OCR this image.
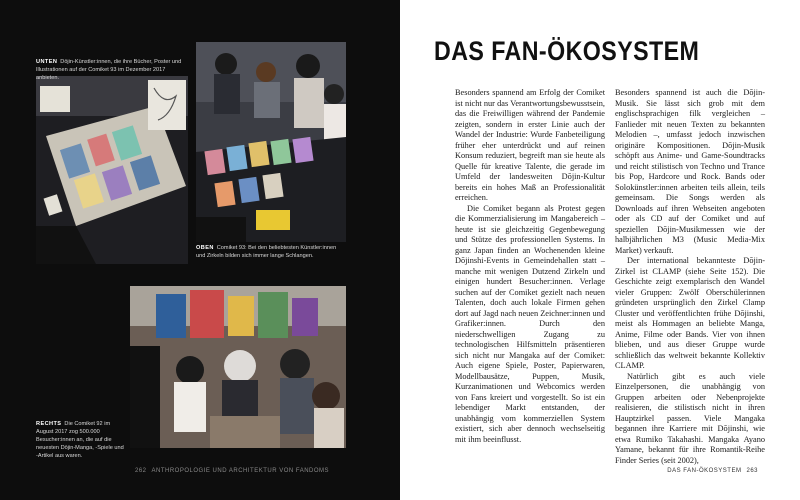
UNTEN Dōjin-Künstler:innen, die ihre Bücher, Poster und Illustrationen auf der Comiket 93 im Dezember 2017 anbieten.
OBEN Comiket 93: Bei den beliebtesten Künstler:innen und Zirkeln bilden sich immer lange Schlangen.
RECHTS Die Comiket 92 im August 2017 zog 500.000 Besucher:innen an, die auf die neuesten Dōjin-Manga, -Spiele und -Artikel aus waren.
262 ANTHROPOLOGIE UND ARCHITEKTUR VON FANDOMS
DAS FAN-ÖKOSYSTEM

Besonders spannend am Erfolg der Comiket ist nicht nur das Verantwortungsbewusstsein, das die Freiwilligen während der Pandemie zeigten, sondern in erster Linie auch der Wandel der Industrie: Wurde Fanbeteiligung früher eher unterdrückt und auf reinen Konsum reduziert, begreift man sie heute als Quelle für kreative Talente, die gerade im Umfeld der landesweiten Dōjin-Kultur bereits ein hohes Maß an Professionalität erreichen.

Die Comiket begann als Protest gegen die Kommerzialisierung im Mangabereich – heute ist sie gleichzeitig Gegenbewegung und Stütze des professionellen Systems. In ganz Japan finden an Wochenenden kleine Dōjinshi-Events in Gemeindehallen statt – manche mit wenigen Dutzend Zirkeln und einigen hundert Besucher:innen. Verlage suchen auf der Comiket gezielt nach neuen Talenten, doch auch lokale Firmen gehen dort auf Jagd nach neuen Zeichner:innen und Grafiker:innen. Durch den niederschwelligen Zugang zu technologischen Hilfsmitteln präsentieren sich nicht nur Mangaka auf der Comiket: Auch eigene Spiele, Poster, Papierwaren, Modellbausätze, Puppen, Musik, Kurzanimationen und Webcomics werden von Fans kreiert und vorgestellt. So ist ein lebendiger Markt entstanden, der unabhängig vom kommerziellen System existiert, sich aber dennoch wechselseitig mit ihm beeinflusst.

Besonders spannend ist auch die Dōjin-Musik. Sie lässt sich grob mit dem englischsprachigen filk vergleichen – Fanlieder mit neuen Texten zu bekannten Melodien –, umfasst jedoch inzwischen originäre Kompositionen. Dōjin-Musik schöpft aus Anime- und Game-Soundtracks und reicht stilistisch von Techno und Trance bis Pop, Hardcore und Rock. Bands oder Solokünstler:innen arbeiten teils allein, teils gemeinsam. Die Songs werden als Downloads auf ihren Webseiten angeboten oder als CD auf der Comiket und auf speziellen Dōjin-Musikmessen wie der halbjährlichen M3 (Music Media-Mix Market) verkauft.

Der international bekannteste Dōjin-Zirkel ist CLAMP (siehe Seite 152). Die Geschichte zeigt exemplarisch den Wandel vieler Gruppen: Zwölf Oberschülerinnen gründeten ursprünglich den Zirkel Clamp Cluster und veröffentlichten frühe Dōjinshi, meist als Hommagen an beliebte Manga, Anime, Filme oder Bands. Vier von ihnen blieben, und aus dieser Gruppe wurde schließlich das weltweit bekannte Kollektiv CLAMP.

Natürlich gibt es auch viele Einzelpersonen, die unabhängig von Gruppen arbeiten oder Nebenprojekte realisieren, die stilistisch nicht in ihren Hauptzirkel passen. Viele Mangaka begannen ihre Karriere mit Dōjinshi, wie etwa Rumiko Takahashi. Mangaka Ayano Yamane, bekannt für ihre Romantik-Reihe Finder Series (seit 2002),

DAS FAN-ÖKOSYSTEM 263
